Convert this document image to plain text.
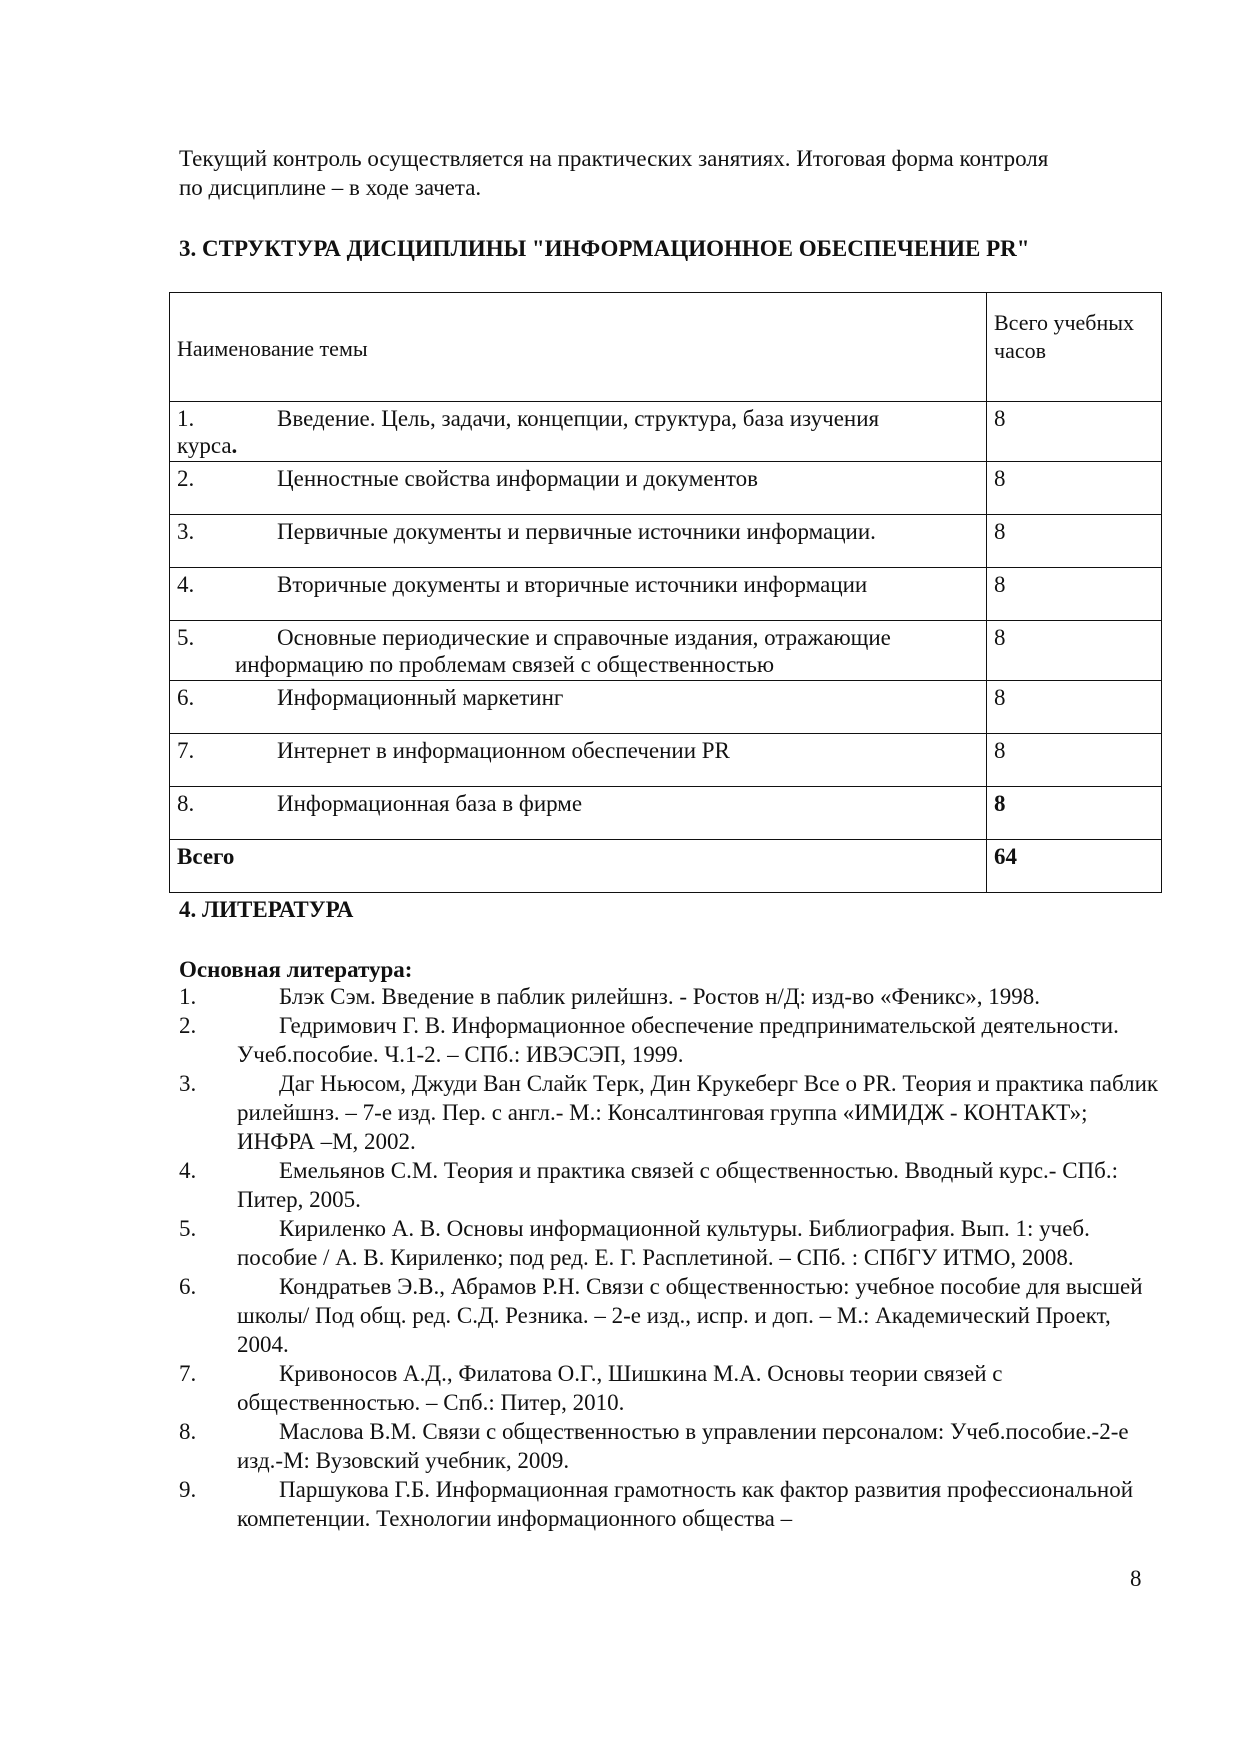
Текущий контроль осуществляется на практических занятиях. Итоговая форма контроля
по дисциплине – в ходе зачета.

3. СТРУКТУРА ДИСЦИПЛИНЫ "ИНФОРМАЦИОННОЕ ОБЕСПЕЧЕНИЕ PR"
Наименование темы	Всего учебных часов
1. Введение. Цель, задачи, концепции, структура, база изучения
курса.	8
2. Ценностные свойства информации и документов	8
3. Первичные документы и первичные источники информации.	8
4. Вторичные документы и вторичные источники информации	8
5. Основные периодические и справочные издания, отражающие
информацию по проблемам связей с общественностью	8
6. Информационный маркетинг	8
7. Интернет в информационном обеспечении PR	8
8. Информационная база в фирме	8
Всего	64
4. ЛИТЕРАТУРА
Основная литература:
1.	Блэк Сэм. Введение в паблик рилейшнз. - Ростов н/Д: изд-во «Феникс», 1998.
2.	Гедримович Г. В. Информационное обеспечение предпринимательской деятельности. Учеб.пособие. Ч.1-2. – СПб.: ИВЭСЭП, 1999.
3.	Даг Ньюсом, Джуди Ван Слайк Терк, Дин Крукеберг Все о PR. Теория и практика паблик рилейшнз. – 7-е изд. Пер. с англ.- М.: Консалтинговая группа «ИМИДЖ - КОНТАКТ»; ИНФРА –М, 2002.
4.	Емельянов С.М. Теория и практика связей с общественностью. Вводный курс.- СПб.: Питер, 2005.
5.	Кириленко А. В. Основы информационной культуры. Библиография. Вып. 1: учеб. пособие / А. В. Кириленко; под ред. Е. Г. Расплетиной. – СПб. : СПбГУ ИТМО, 2008.
6.	Кондратьев Э.В., Абрамов Р.Н. Связи с общественностью: учебное пособие для высшей школы/ Под общ. ред. С.Д. Резника. – 2-е изд., испр. и доп. – М.: Академический Проект, 2004.
7.	Кривоносов А.Д., Филатова О.Г., Шишкина М.А. Основы теории связей с общественностью. – Спб.: Питер, 2010.
8.	Маслова В.М. Связи с общественностью в управлении персоналом: Учеб.пособие.-2-е изд.-М: Вузовский учебник, 2009.
9.	Паршукова Г.Б. Информационная грамотность как фактор развития профессиональной компетенции. Технологии информационного общества –
8
